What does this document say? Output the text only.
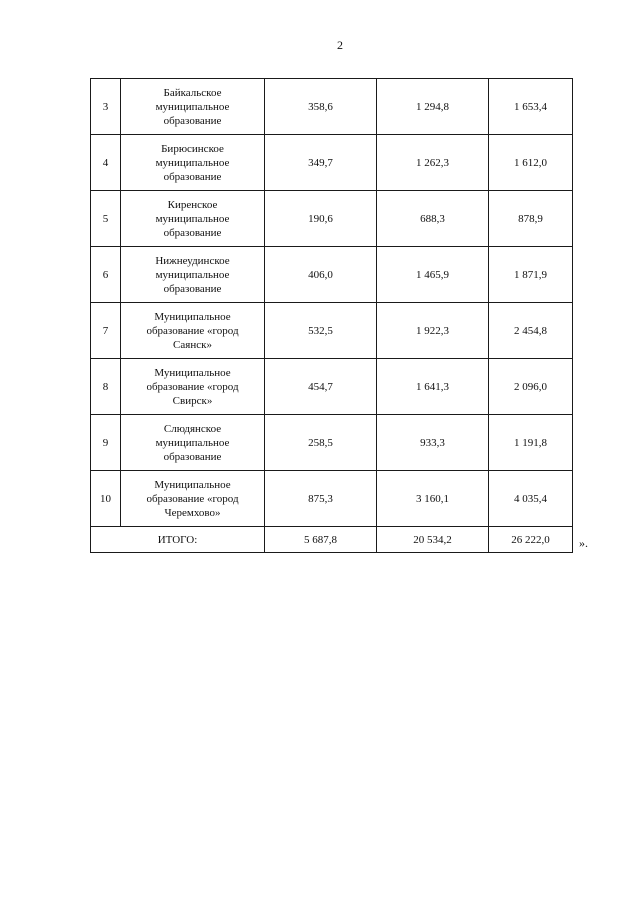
2
3	Байкальское
муниципальное
образование	358,6	1 294,8	1 653,4
4	Бирюсинское
муниципальное
образование	349,7	1 262,3	1 612,0
5	Киренское
муниципальное
образование	190,6	688,3	878,9
6	Нижнеудинское
муниципальное
образование	406,0	1 465,9	1 871,9
7	Муниципальное
образование «город
Саянск»	532,5	1 922,3	2 454,8
8	Муниципальное
образование «город
Свирск»	454,7	1 641,3	2 096,0
9	Слюдянское
муниципальное
образование	258,5	933,3	1 191,8
10	Муниципальное
образование «город
Черемхово»	875,3	3 160,1	4 035,4
ИТОГО:		5 687,8	20 534,2	26 222,0 ».
